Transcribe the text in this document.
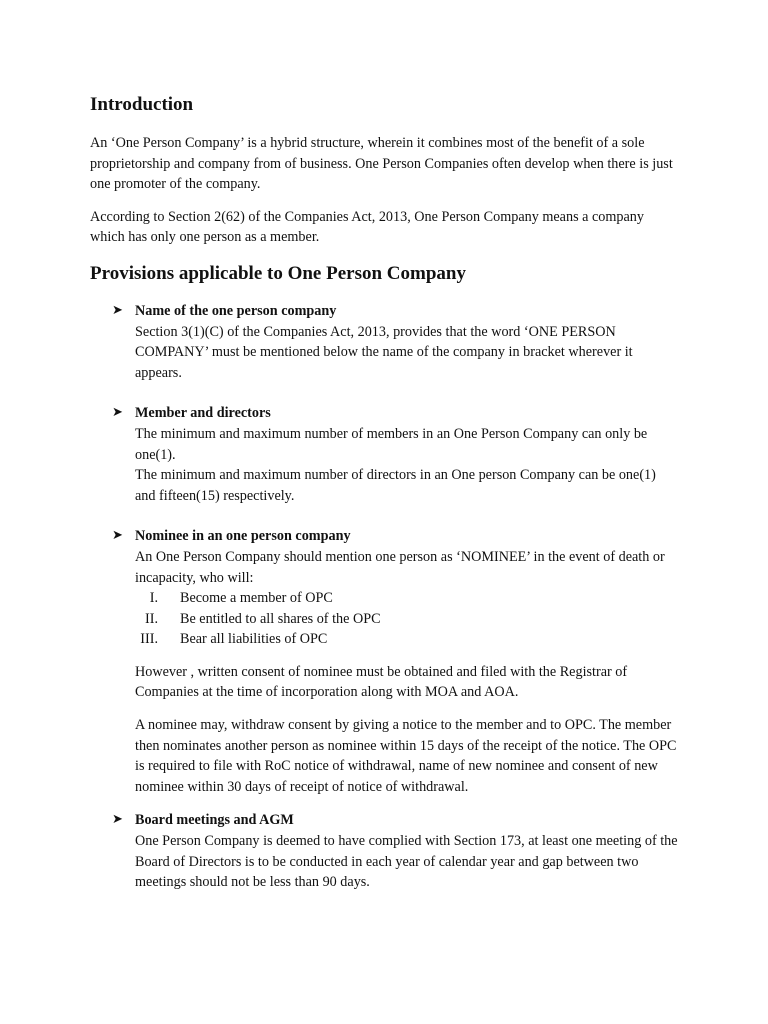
Introduction

An ‘One Person Company’ is a hybrid structure, wherein it combines most of the benefit of a sole proprietorship and company from of business. One Person Companies often develop when there is just one promoter of the company.

According to Section 2(62) of the Companies Act, 2013, One Person Company means a company which has only one person as a member.

Provisions applicable to One Person Company
➤ Name of the one person company

Section 3(1)(C) of the Companies Act, 2013, provides that the word ‘ONE PERSON COMPANY’ must be mentioned below the name of the company in bracket wherever it appears.

➤ Member and directors

The minimum and maximum number of members in an One Person Company can only be one(1).

The minimum and maximum number of directors in an One person Company can be one(1) and fifteen(15) respectively.

➤ Nominee in an one person company

An One Person Company should mention one person as ‘NOMINEE’ in the event of death or incapacity, who will:

I. Become a member of OPC
II. Be entitled to all shares of the OPC
III. Bear all liabilities of OPC

However , written consent of nominee must be obtained and filed with the Registrar of Companies at the time of incorporation along with MOA and AOA.

A nominee may, withdraw consent by giving a notice to the member and to OPC. The member then nominates another person as nominee within 15 days of the receipt of the notice. The OPC is required to file with RoC notice of withdrawal, name of new nominee and consent of new nominee within 30 days of receipt of notice of withdrawal.

➤ Board meetings and AGM

One Person Company is deemed to have complied with Section 173, at least one meeting of the Board of Directors is to be conducted in each year of calendar year and gap between two meetings should not be less than 90 days.
